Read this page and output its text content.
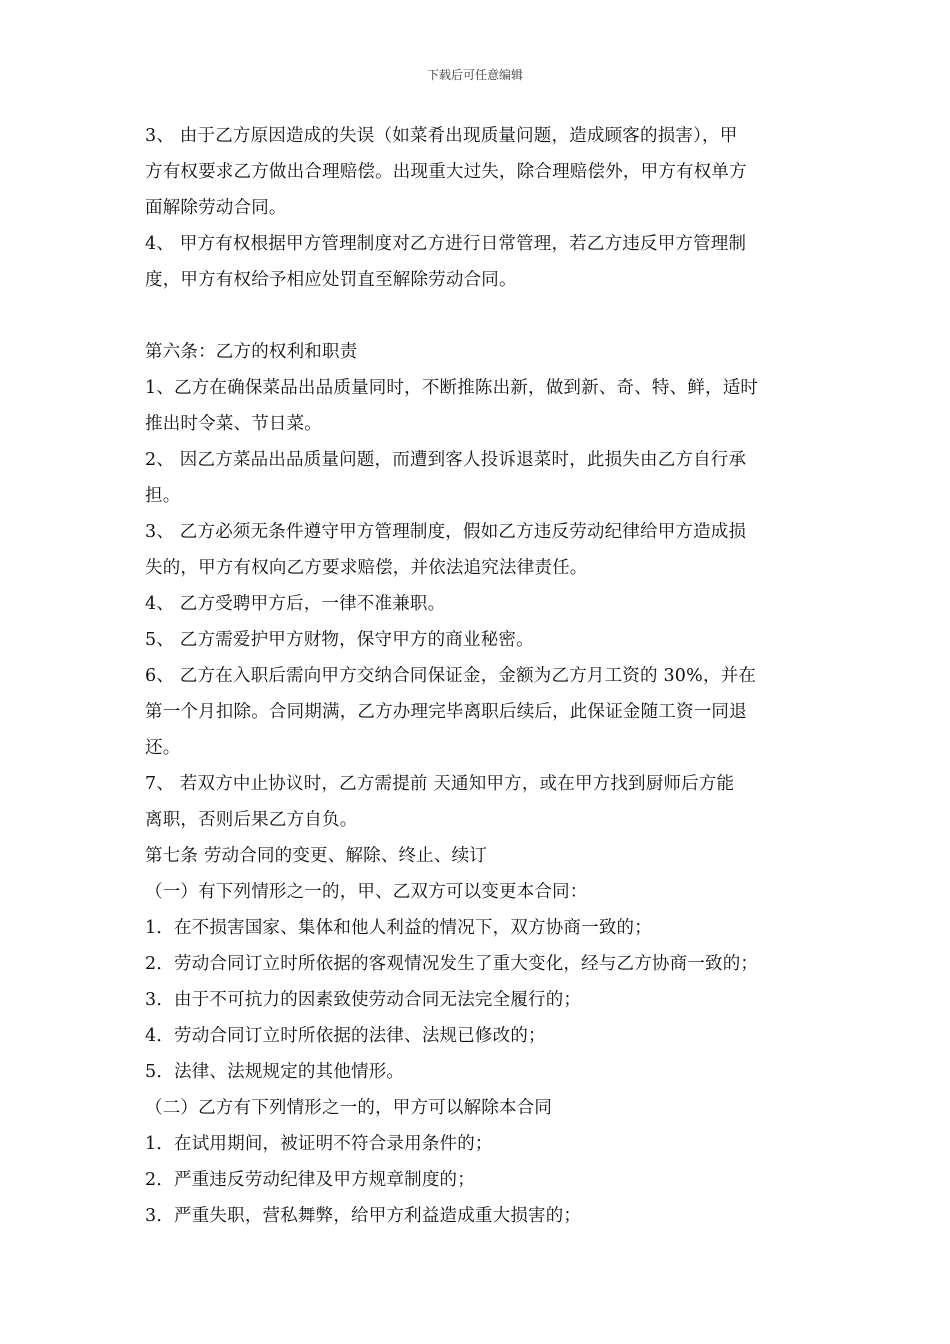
下载后可任意编辑
3、 由于乙方原因造成的失误（如菜肴出现质量问题，造成顾客的损害），甲
方有权要求乙方做出合理赔偿。出现重大过失，除合理赔偿外，甲方有权单方
面解除劳动合同。
4、 甲方有权根据甲方管理制度对乙方进行日常管理，若乙方违反甲方管理制
度，甲方有权给予相应处罚直至解除劳动合同。
第六条：乙方的权利和职责
1、乙方在确保菜品出品质量同时，不断推陈出新，做到新、奇、特、鲜，适时
推出时令菜、节日菜。
2、 因乙方菜品出品质量问题，而遭到客人投诉退菜时，此损失由乙方自行承
担。
3、 乙方必须无条件遵守甲方管理制度，假如乙方违反劳动纪律给甲方造成损
失的，甲方有权向乙方要求赔偿，并依法追究法律责任。
4、 乙方受聘甲方后，一律不准兼职。
5、 乙方需爱护甲方财物，保守甲方的商业秘密。
6、 乙方在入职后需向甲方交纳合同保证金，金额为乙方月工资的 30%，并在
第一个月扣除。合同期满，乙方办理完毕离职后续后，此保证金随工资一同退
还。
7、 若双方中止协议时，乙方需提前 天通知甲方，或在甲方找到厨师后方能
离职，否则后果乙方自负。
第七条 劳动合同的变更、解除、终止、续订
（一）有下列情形之一的，甲、乙双方可以变更本合同：
1．在不损害国家、集体和他人利益的情况下，双方协商一致的；
2．劳动合同订立时所依据的客观情况发生了重大变化，经与乙方协商一致的；
3．由于不可抗力的因素致使劳动合同无法完全履行的；
4．劳动合同订立时所依据的法律、法规已修改的；
5．法律、法规规定的其他情形。
（二）乙方有下列情形之一的，甲方可以解除本合同
1．在试用期间，被证明不符合录用条件的；
2．严重违反劳动纪律及甲方规章制度的；
3．严重失职，营私舞弊，给甲方利益造成重大损害的；
